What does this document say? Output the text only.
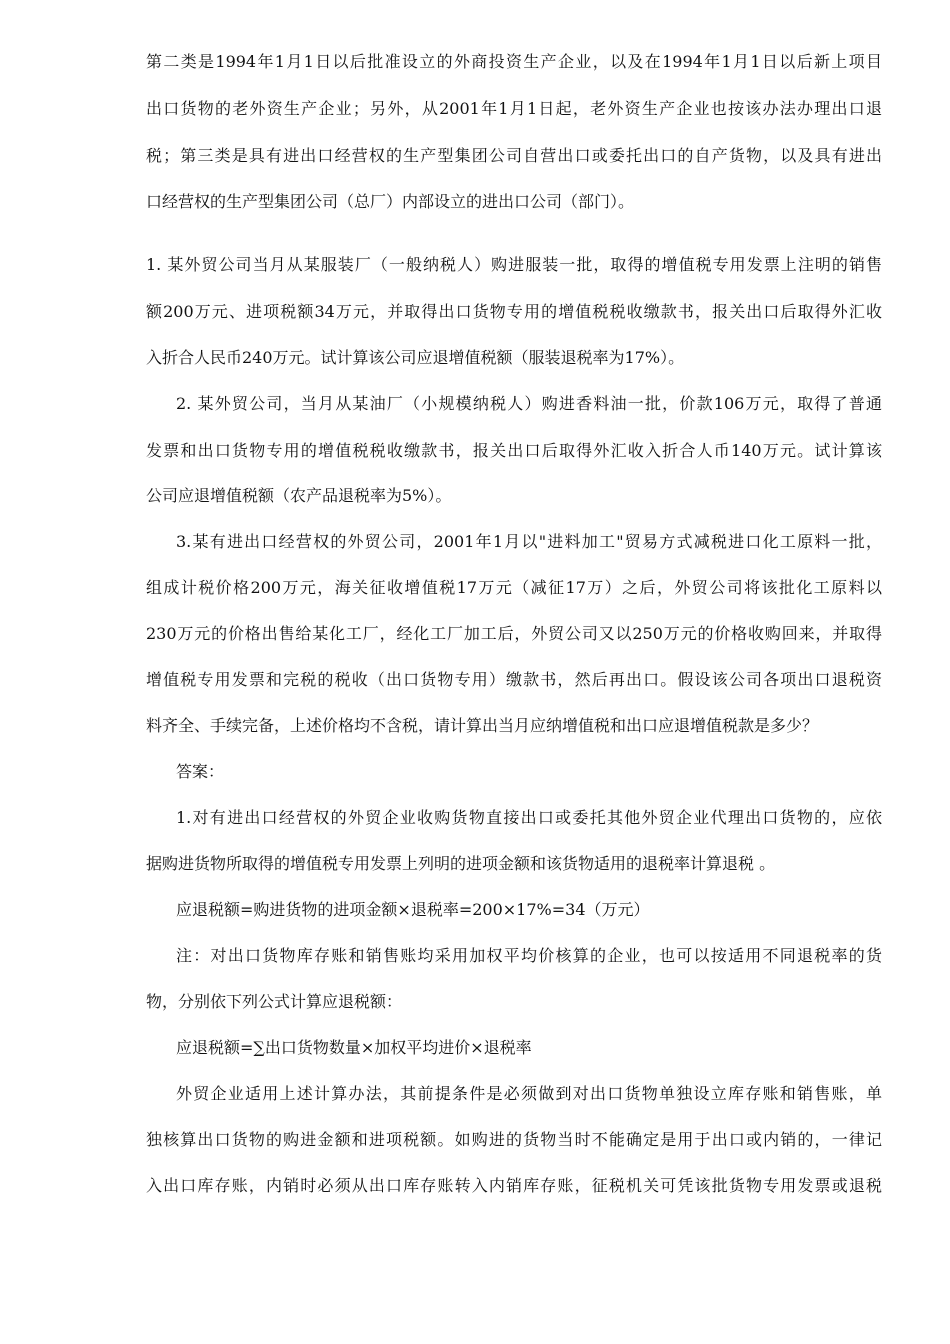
第二类是1994年1月1日以后批准设立的外商投资生产企业，以及在1994年1月1日以后新上项目
出口货物的老外资生产企业；另外，从2001年1月1日起，老外资生产企业也按该办法办理出口退
税；第三类是具有进出口经营权的生产型集团公司自营出口或委托出口的自产货物，以及具有进出
口经营权的生产型集团公司（总厂）内部设立的进出口公司（部门）。
1. 某外贸公司当月从某服装厂（一般纳税人）购进服装一批，取得的增值税专用发票上注明的销售
额200万元、进项税额34万元，并取得出口货物专用的增值税税收缴款书，报关出口后取得外汇收
入折合人民币240万元。试计算该公司应退增值税额（服装退税率为17%）。
2. 某外贸公司，当月从某油厂（小规模纳税人）购进香料油一批，价款106万元，取得了普通
发票和出口货物专用的增值税税收缴款书，报关出口后取得外汇收入折合人币140万元。试计算该
公司应退增值税额（农产品退税率为5%）。
3.某有进出口经营权的外贸公司，2001年1月以"进料加工"贸易方式减税进口化工原料一批，
组成计税价格200万元，海关征收增值税17万元（减征17万）之后，外贸公司将该批化工原料以
230万元的价格出售给某化工厂，经化工厂加工后，外贸公司又以250万元的价格收购回来，并取得
增值税专用发票和完税的税收（出口货物专用）缴款书，然后再出口。假设该公司各项出口退税资
料齐全、手续完备，上述价格均不含税，请计算出当月应纳增值税和出口应退增值税款是多少？
答案：
1.对有进出口经营权的外贸企业收购货物直接出口或委托其他外贸企业代理出口货物的，应依
据购进货物所取得的增值税专用发票上列明的进项金额和该货物适用的退税率计算退税 。
应退税额=购进货物的进项金额×退税率=200×17%=34（万元）
注：对出口货物库存账和销售账均采用加权平均价核算的企业，也可以按适用不同退税率的货
物，分别依下列公式计算应退税额：
应退税额=∑出口货物数量×加权平均进价×退税率
外贸企业适用上述计算办法，其前提条件是必须做到对出口货物单独设立库存账和销售账，单
独核算出口货物的购进金额和进项税额。如购进的货物当时不能确定是用于出口或内销的，一律记
入出口库存账，内销时必须从出口库存账转入内销库存账，征税机关可凭该批货物专用发票或退税
